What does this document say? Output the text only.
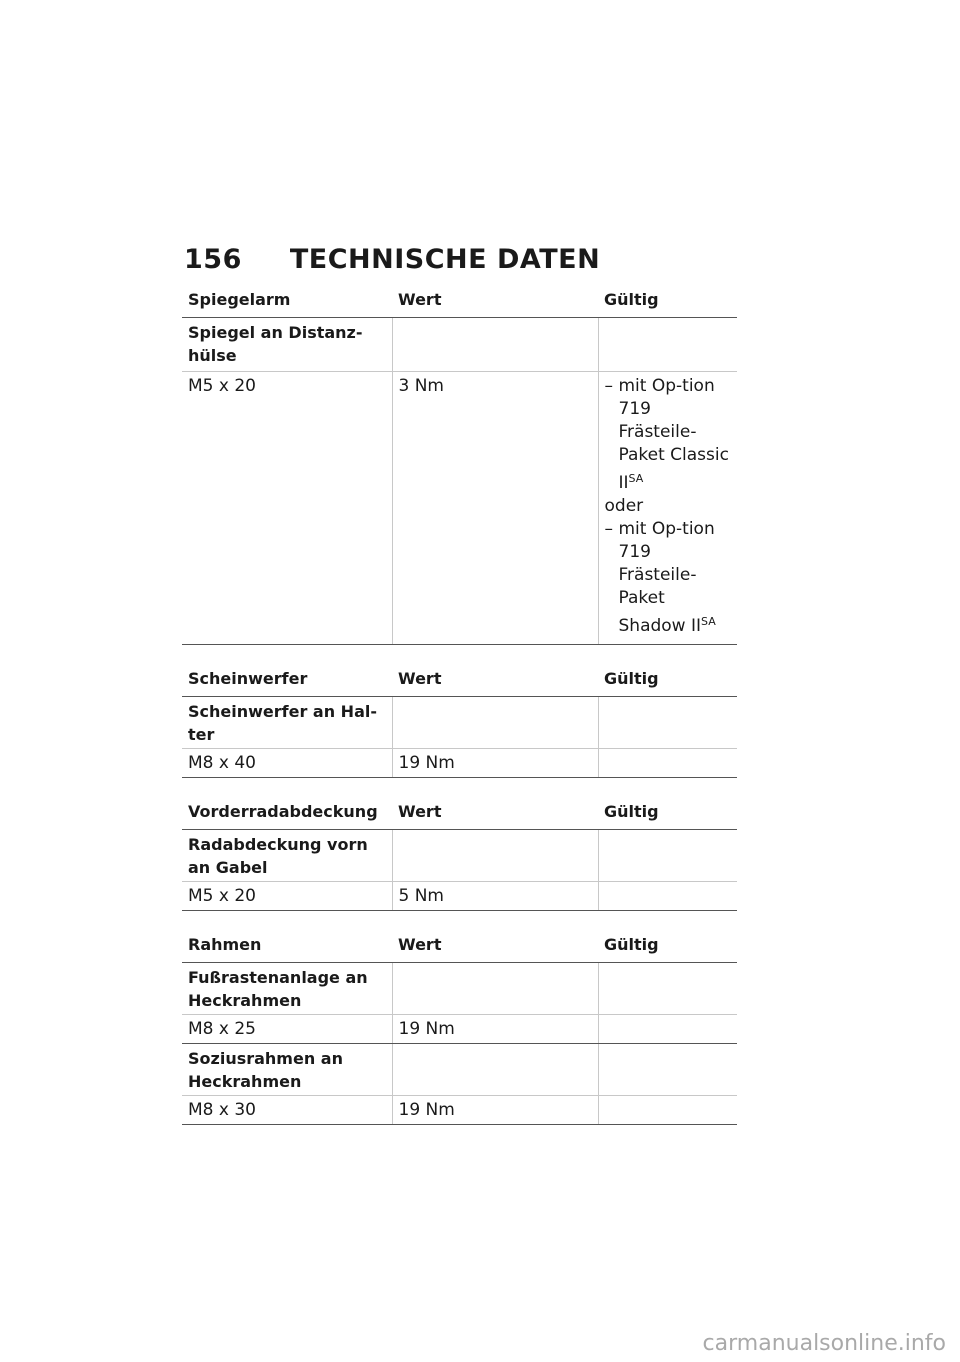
156 TECHNISCHE DATEN
Spiegelarm	Wert	Gültig
Spiegel an Distanz-hülse		
M5 x 20	3 Nm	– mit Op-tion 719 Frästeile-Paket Classic $II^{SA}$
oder
– mit Op-tion 719 Frästeile-Paket Shadow $II^{SA}$
Scheinwerfer	Wert	Gültig
Scheinwerfer an Hal-ter		
M8 x 40	19 Nm	
Vorderradabdeckung	Wert	Gültig
Radabdeckung vorn an Gabel		
M5 x 20	5 Nm	
Rahmen	Wert	Gültig
Fußrastenanlage an Heckrahmen		
M8 x 25	19 Nm	
Soziusrahmen an Heckrahmen		
M8 x 30	19 Nm	
carmanualsonline.info
